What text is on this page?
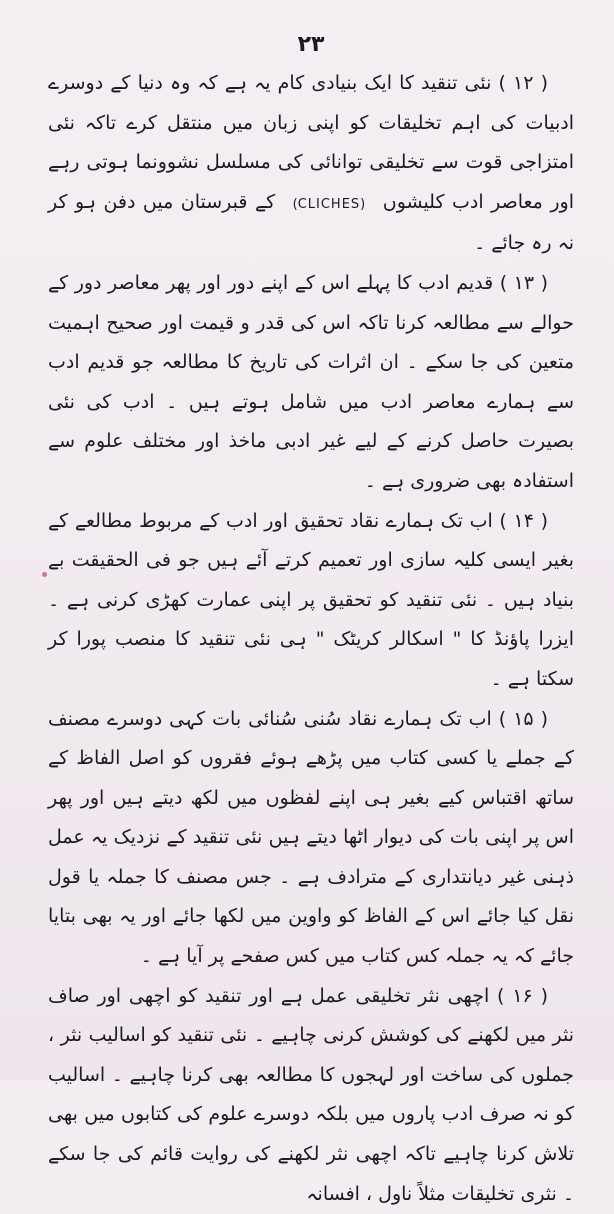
۲۳

( ۱۲ ) نئی تنقید کا ایک بنیادی کام یہ ہے کہ وہ دنیا کے دوسرے ادبیات کی اہم تخلیقات کو اپنی زبان میں منتقل کرے تاکہ نئی امتزاجی قوت سے تخلیقی توانائی کی مسلسل نشوونما ہوتی رہے اور معاصر ادب کلیشوں (CLICHES) کے قبرستان میں دفن ہو کر نہ رہ جائے ۔

( ۱۳ ) قدیم ادب کا پہلے اس کے اپنے دور اور پھر معاصر دور کے حوالے سے مطالعہ کرنا تاکہ اس کی قدر و قیمت اور صحیح اہمیت متعین کی جا سکے ۔ ان اثرات کی تاریخ کا مطالعہ جو قدیم ادب سے ہمارے معاصر ادب میں شامل ہوتے ہیں ۔ ادب کی نئی بصیرت حاصل کرنے کے لیے غیر ادبی ماخذ اور مختلف علوم سے استفادہ بھی ضروری ہے ۔

( ۱۴ ) اب تک ہمارے نقاد تحقیق اور ادب کے مربوط مطالعے کے بغیر ایسی کلیہ سازی اور تعمیم کرتے آئے ہیں جو فی الحقیقت بے بنیاد ہیں ۔ نئی تنقید کو تحقیق پر اپنی عمارت کھڑی کرنی ہے ۔ ایزرا پاؤنڈ کا " اسکالر کریٹک " ہی نئی تنقید کا منصب پورا کر سکتا ہے ۔

( ۱۵ ) اب تک ہمارے نقاد سُنی سُنائی بات کہی دوسرے مصنف کے جملے یا کسی کتاب میں پڑھے ہوئے فقروں کو اصل الفاظ کے ساتھ اقتباس کیے بغیر ہی اپنے لفظوں میں لکھ دیتے ہیں اور پھر اس پر اپنی بات کی دیوار اٹھا دیتے ہیں نئی تنقید کے نزدیک یہ عمل ذہنی غیر دیانتداری کے مترادف ہے ۔ جس مصنف کا جملہ یا قول نقل کیا جائے اس کے الفاظ کو واوین میں لکھا جائے اور یہ بھی بتایا جائے کہ یہ جملہ کس کتاب میں کس صفحے پر آیا ہے ۔

( ۱۶ ) اچھی نثر تخلیقی عمل ہے اور تنقید کو اچھی اور صاف نثر میں لکھنے کی کوشش کرنی چاہیے ۔ نئی تنقید کو اسالیب نثر ، جملوں کی ساخت اور لہجوں کا مطالعہ بھی کرنا چاہیے ۔ اسالیب کو نہ صرف ادب پاروں میں بلکہ دوسرے علوم کی کتابوں میں بھی تلاش کرنا چاہیے تاکہ اچھی نثر لکھنے کی روایت قائم کی جا سکے ۔ نثری تخلیقات مثلاً ناول ، افسانہ
